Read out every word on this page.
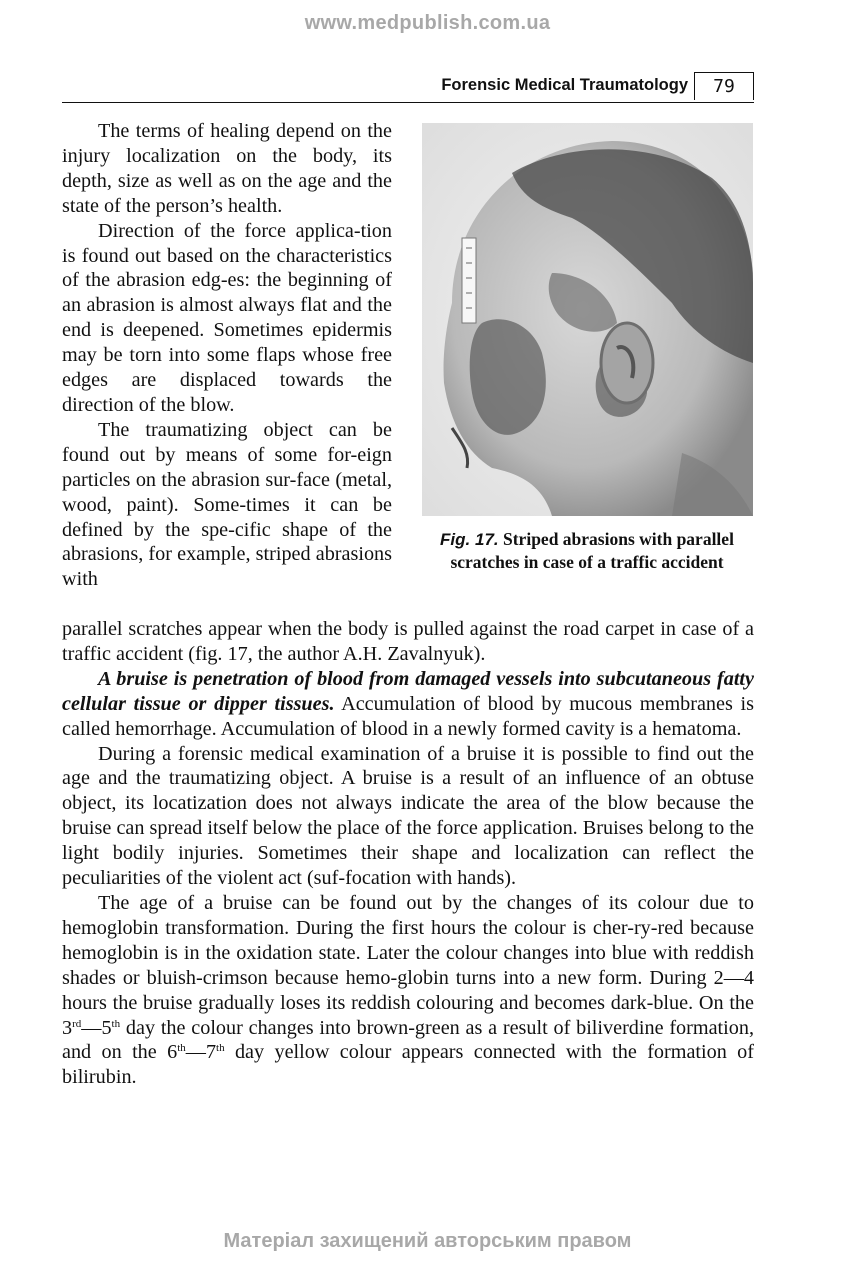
www.medpublish.com.ua
Forensic Medical Traumatology	79

The terms of healing depend on the injury localization on the body, its depth, size as well as on the age and the state of the person’s health.

Direction of the force applica-tion is found out based on the characteristics of the abrasion edg-es: the beginning of an abrasion is almost always flat and the end is deepened. Sometimes epidermis may be torn into some flaps whose free edges are displaced towards the direction of the blow.

The traumatizing object can be found out by means of some for-eign particles on the abrasion sur-face (metal, wood, paint). Some-times it can be defined by the spe-cific shape of the abrasions, for example, striped abrasions with

Fig. 17. Striped abrasions with parallel scratches in case of a traffic accident

parallel scratches appear when the body is pulled against the road carpet in case of a traffic accident (fig. 17, the author A.H. Zavalnyuk).

A bruise is penetration of blood from damaged vessels into subcutaneous fatty cellular tissue or dipper tissues. Accumulation of blood by mucous membranes is called hemorrhage. Accumulation of blood in a newly formed cavity is a hematoma.

During a forensic medical examination of a bruise it is possible to find out the age and the traumatizing object. A bruise is a result of an influence of an obtuse object, its locatization does not always indicate the area of the blow because the bruise can spread itself below the place of the force application. Bruises belong to the light bodily injuries. Sometimes their shape and localization can reflect the peculiarities of the violent act (suf-focation with hands).

The age of a bruise can be found out by the changes of its colour due to hemoglobin transformation. During the first hours the colour is cher-ry-red because hemoglobin is in the oxidation state. Later the colour changes into blue with reddish shades or bluish-crimson because hemo-globin turns into a new form. During 2—4 hours the bruise gradually loses its reddish colouring and becomes dark-blue. On the 3rd—5th day the colour changes into brown-green as a result of biliverdine formation, and on the 6th—7th day yellow colour appears connected with the formation of bilirubin.

Матеріал захищений авторським правом
